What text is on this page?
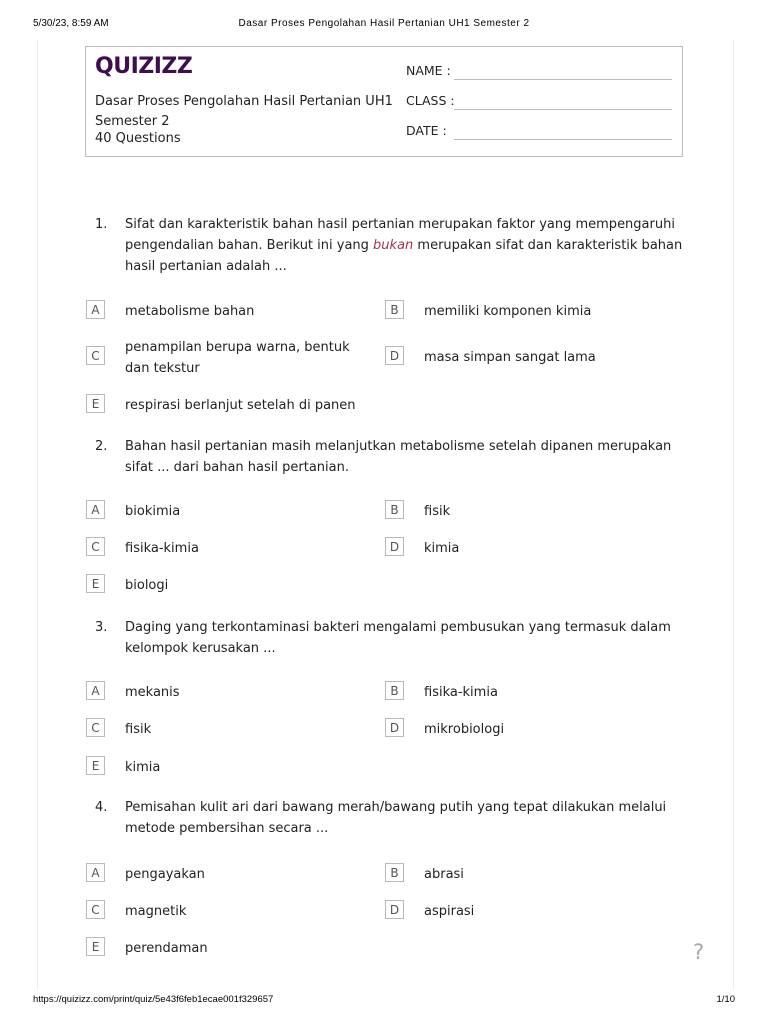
5/30/23, 8:59 AM	Dasar Proses Pengolahan Hasil Pertanian UH1 Semester 2
QUIZIZZ
Dasar Proses Pengolahan Hasil Pertanian UH1 Semester 2
40 Questions
NAME :
CLASS :
DATE :
1. Sifat dan karakteristik bahan hasil pertanian merupakan faktor yang mempengaruhi pengendalian bahan. Berikut ini yang bukan merupakan sifat dan karakteristik bahan hasil pertanian adalah ...
A	metabolisme bahan	B	memiliki komponen kimia
C
penampilan berupa warna, bentuk dan tekstur
D	masa simpan sangat lama
E	respirasi berlanjut setelah di panen
2. Bahan hasil pertanian masih melanjutkan metabolisme setelah dipanen merupakan sifat ... dari bahan hasil pertanian.
A	biokimia	B	fisik
C	fisika-kimia	D	kimia
E	biologi
3. Daging yang terkontaminasi bakteri mengalami pembusukan yang termasuk dalam kelompok kerusakan ...
A	mekanis	B	fisika-kimia
C	fisik	D	mikrobiologi
E	kimia
4. Pemisahan kulit ari dari bawang merah/bawang putih yang tepat dilakukan melalui metode pembersihan secara ...
A	pengayakan	B	abrasi
C	magnetik	D	aspirasi
E	perendaman	?
https://quizizz.com/print/quiz/5e43f6feb1ecae001f329657	1/10
